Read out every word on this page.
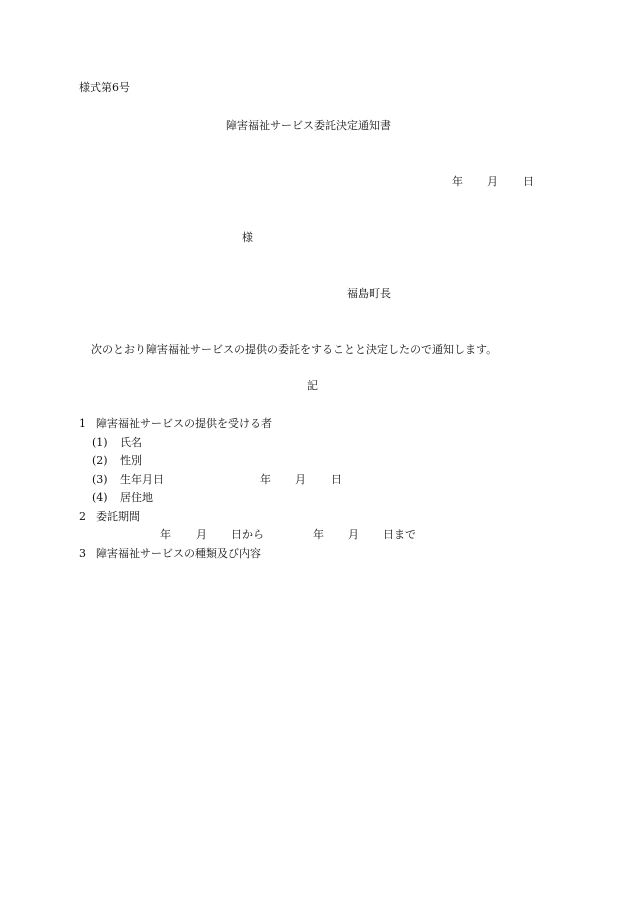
様式第6号
障害福祉サービス委託決定通知書
年 月 日
様
福島町長
次のとおり障害福祉サービスの提供の委託をすることと決定したので通知します。
記
1 障害福祉サービスの提供を受ける者
(1) 氏名
(2) 性別
(3) 生年月日	年 月 日
(4) 居住地
2 委託期間
年 月 日から	年 月 日まで
3 障害福祉サービスの種類及び内容
